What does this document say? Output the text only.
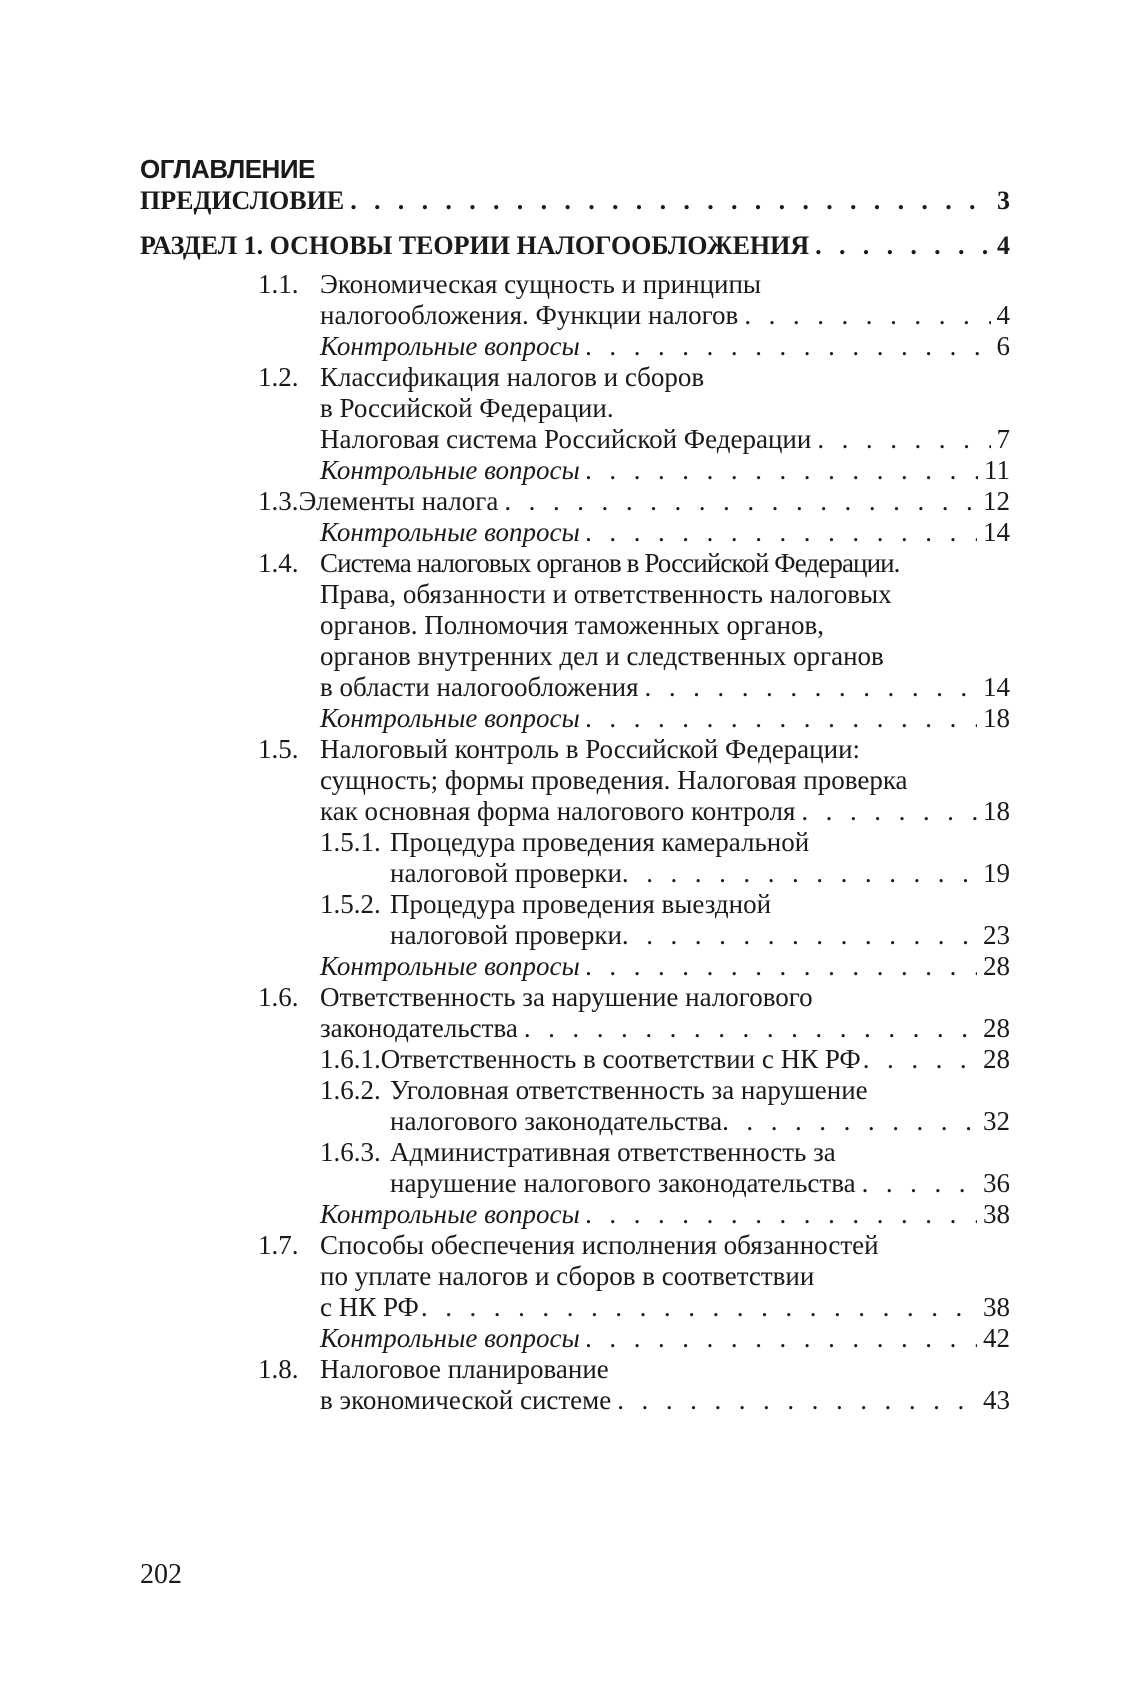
ОГЛАВЛЕНИЕ
ПРЕДИСЛОВИЕ . . .	3
РАЗДЕЛ 1. ОСНОВЫ ТЕОРИИ НАЛОГООБЛОЖЕНИЯ . . .	4
1.1. Экономическая сущность и принципы
налогообложения. Функции налогов . . .	4
Контрольные вопросы . . .	6
1.2. Классификация налогов и сборов
в Российской Федерации.
Налоговая система Российской Федерации . . .	7
Контрольные вопросы . . .	11
1.3. Элементы налога . . .	12
Контрольные вопросы . . .	14
1.4. Система налоговых органов в Российской Федерации.
Права, обязанности и ответственность налоговых
органов. Полномочия таможенных органов,
органов внутренних дел и следственных органов
в области налогообложения . . .	14
Контрольные вопросы . . .	18
1.5. Налоговый контроль в Российской Федерации:
сущность; формы проведения. Налоговая проверка
как основная форма налогового контроля . . .	18
1.5.1. Процедура проведения камеральной
налоговой проверки . . .	19
1.5.2. Процедура проведения выездной
налоговой проверки . . .	23
Контрольные вопросы . . .	28
1.6. Ответственность за нарушение налогового
законодательства . . .	28
1.6.1. Ответственность в соответствии с НК РФ . . .	28
1.6.2. Уголовная ответственность за нарушение
налогового законодательства . . .	32
1.6.3. Административная ответственность за
нарушение налогового законодательства . . .	36
Контрольные вопросы . . .	38
1.7. Способы обеспечения исполнения обязанностей
по уплате налогов и сборов в соответствии
с НК РФ . . .	38
Контрольные вопросы . . .	42
1.8. Налоговое планирование
в экономической системе . . .	43
202
